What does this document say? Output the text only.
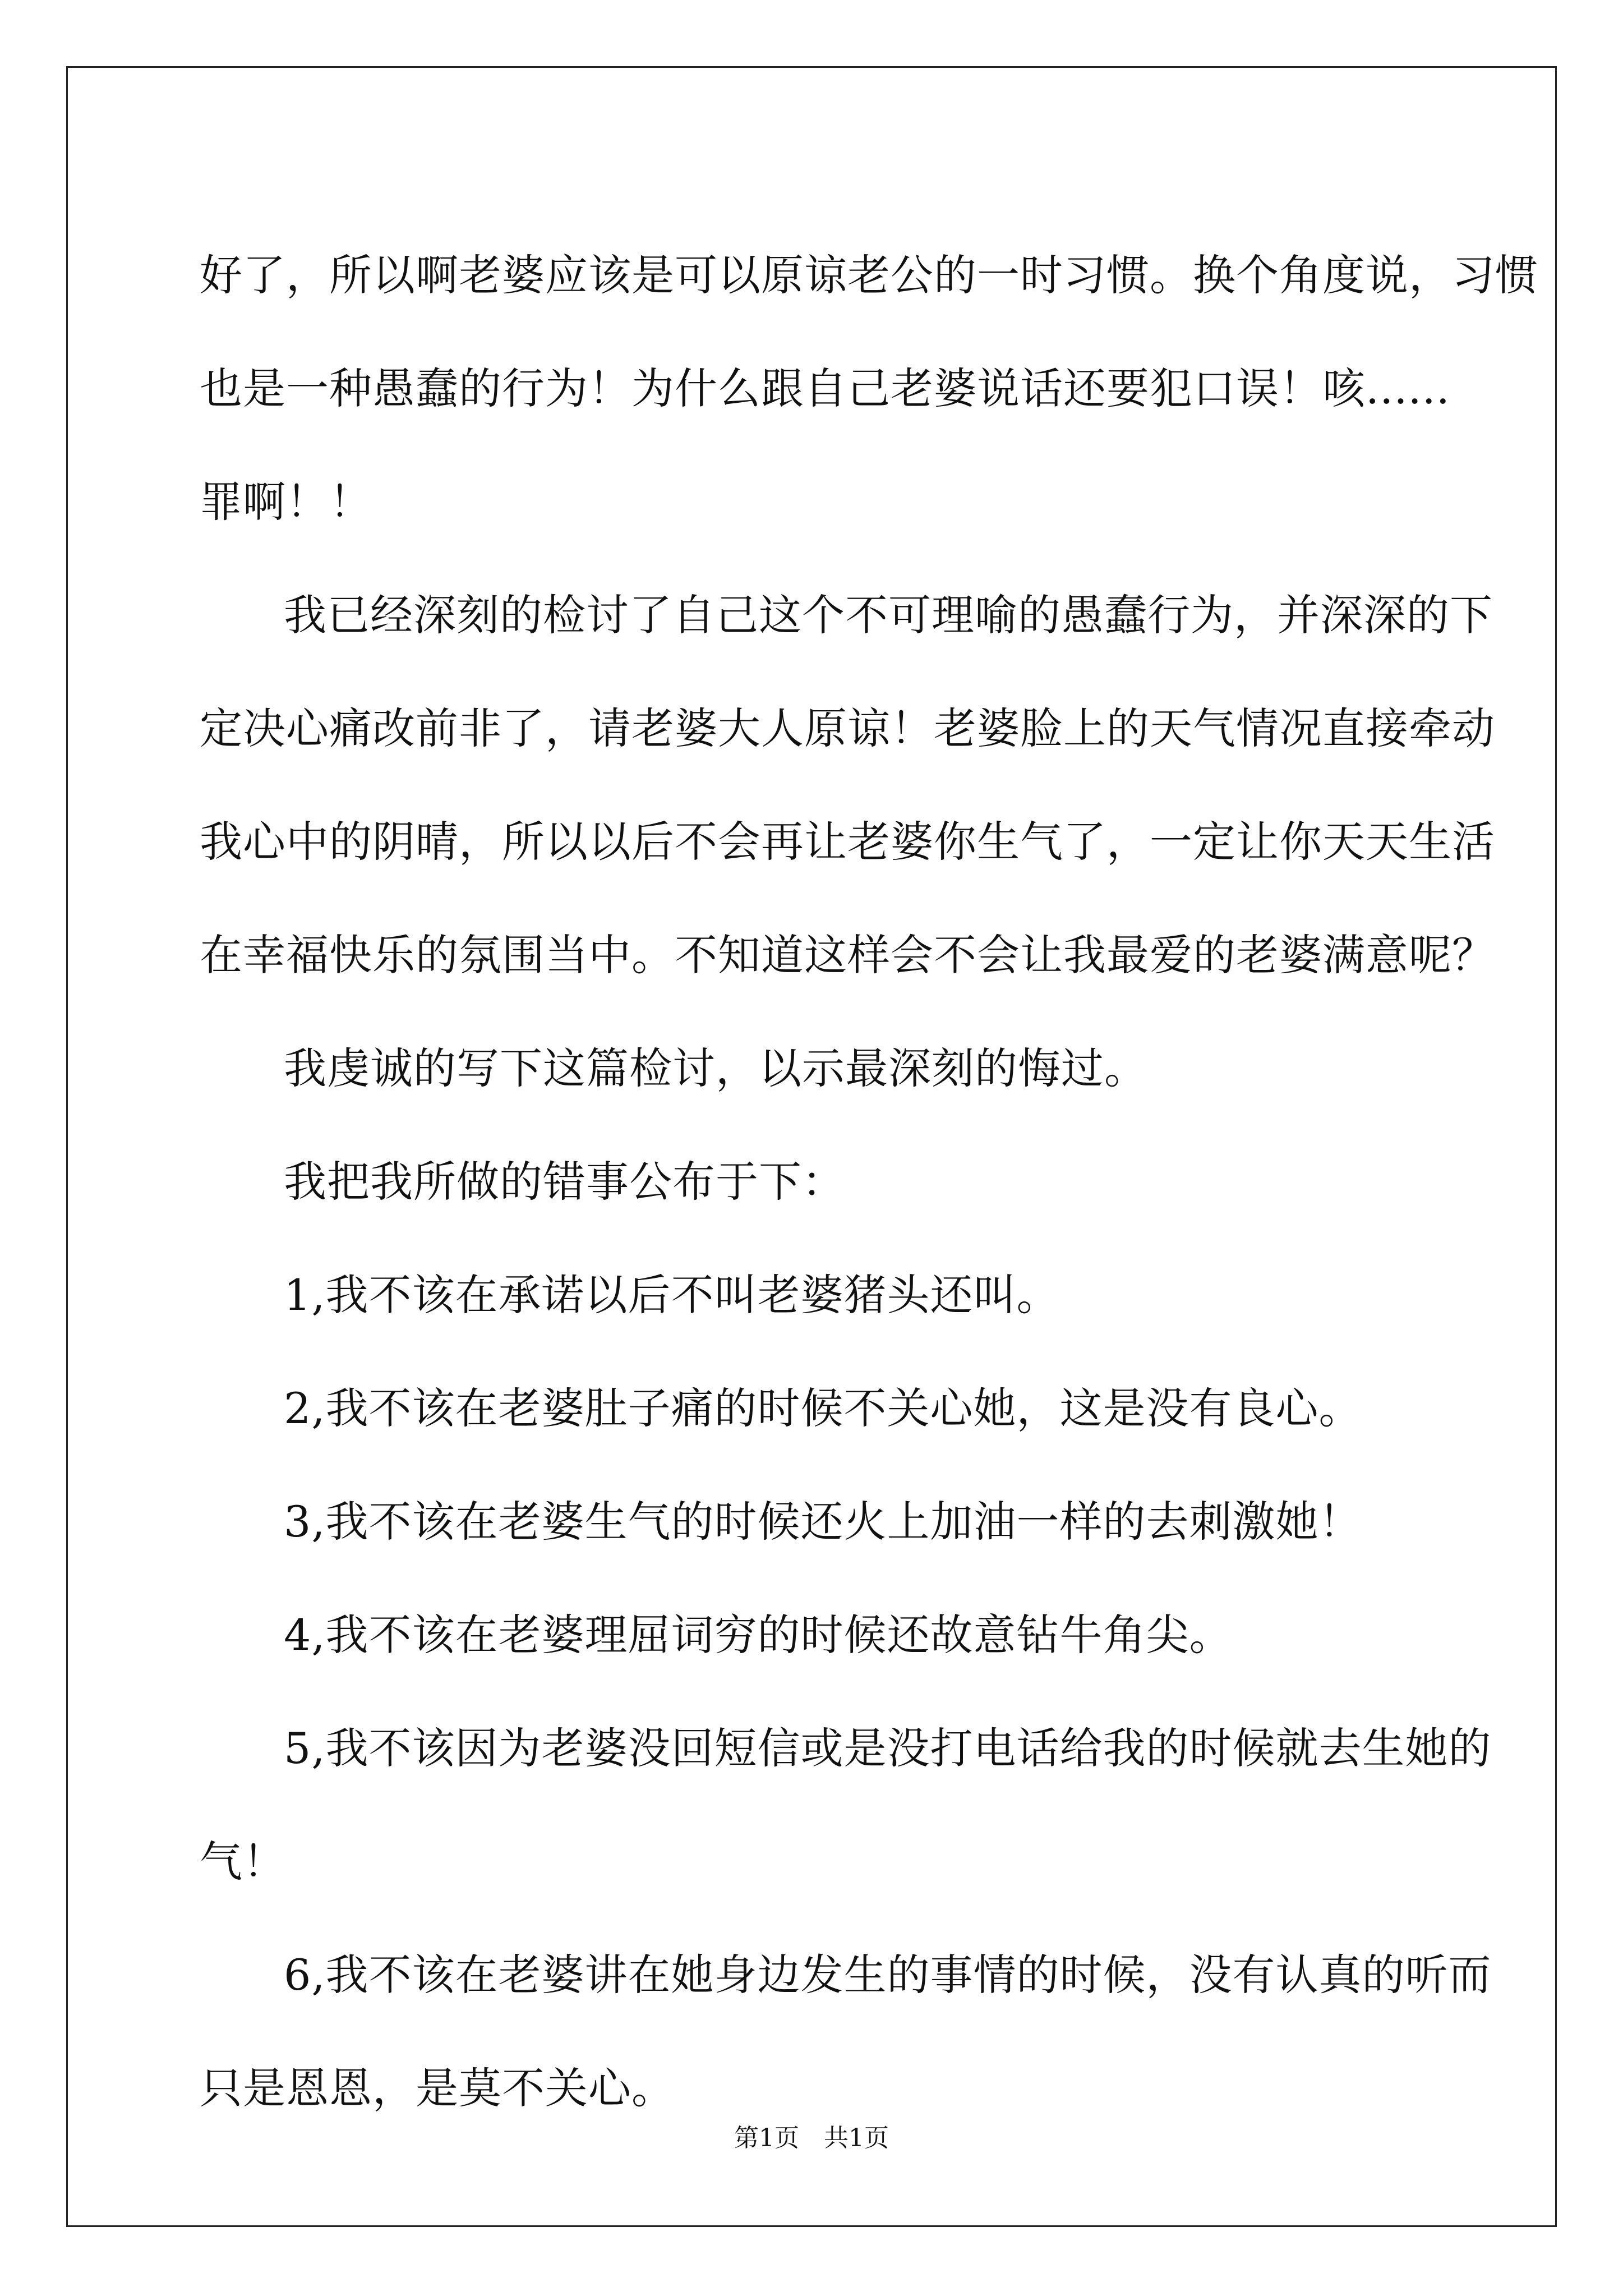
好了，所以啊老婆应该是可以原谅老公的一时习惯。换个角度说，习惯
也是一种愚蠢的行为！为什么跟自己老婆说话还要犯口误！咳......
罪啊！！
我已经深刻的检讨了自己这个不可理喻的愚蠢行为，并深深的下
定决心痛改前非了，请老婆大人原谅！老婆脸上的天气情况直接牵动
我心中的阴晴，所以以后不会再让老婆你生气了，一定让你天天生活
在幸福快乐的氛围当中。不知道这样会不会让我最爱的老婆满意呢？
我虔诚的写下这篇检讨，以示最深刻的悔过。
我把我所做的错事公布于下：
1,我不该在承诺以后不叫老婆猪头还叫。
2,我不该在老婆肚子痛的时候不关心她，这是没有良心。
3,我不该在老婆生气的时候还火上加油一样的去刺激她！
4,我不该在老婆理屈词穷的时候还故意钻牛角尖。
5,我不该因为老婆没回短信或是没打电话给我的时候就去生她的
气！
6,我不该在老婆讲在她身边发生的事情的时候，没有认真的听而
只是恩恩，是莫不关心。
第1页　共1页
